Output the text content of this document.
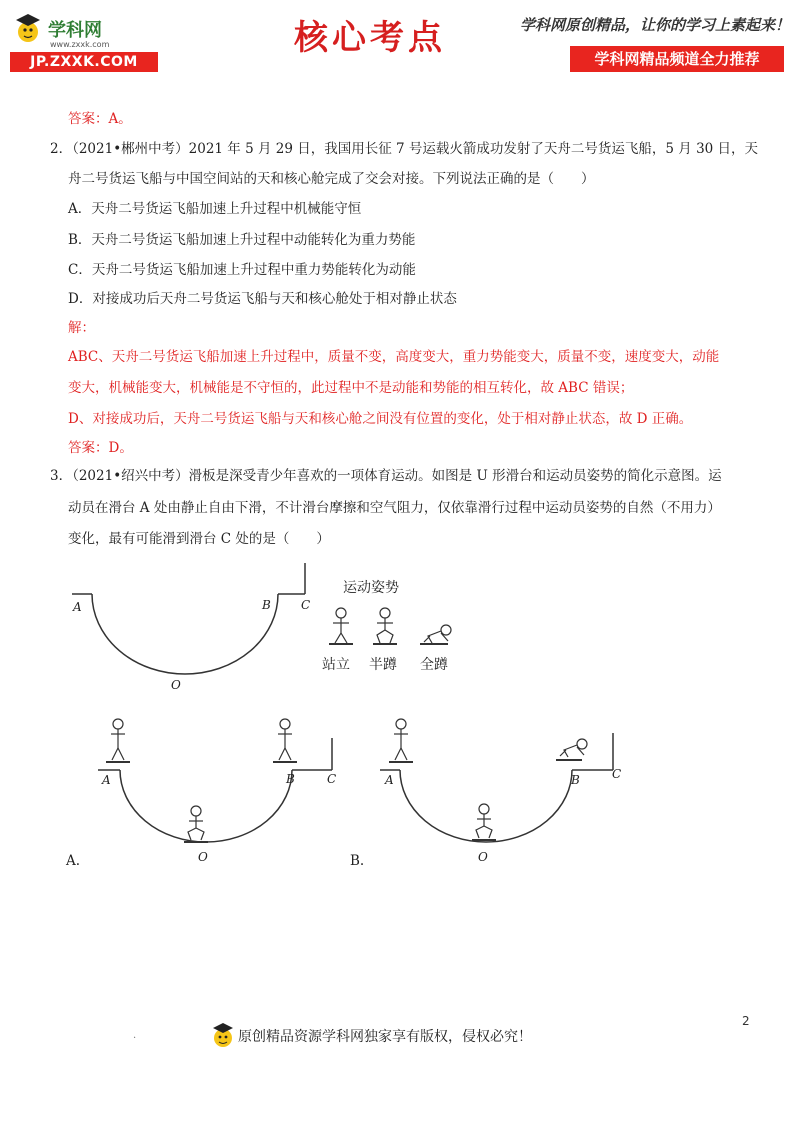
学科网
www.zxxk.com
JP.ZXXK.COM
核心考点	学科网原创精品，让你的学习上素起来！
学科网精品频道全力推荐
答案：A。
2．（2021•郴州中考）2021 年 5 月 29 日，我国用长征 7 号运载火箭成功发射了天舟二号货运飞船，5 月 30 日，天
舟二号货运飞船与中国空间站的天和核心舱完成了交会对接。下列说法正确的是（　　）
A．天舟二号货运飞船加速上升过程中机械能守恒
B．天舟二号货运飞船加速上升过程中动能转化为重力势能
C．天舟二号货运飞船加速上升过程中重力势能转化为动能
D．对接成功后天舟二号货运飞船与天和核心舱处于相对静止状态
解：
ABC、天舟二号货运飞船加速上升过程中，质量不变，高度变大，重力势能变大，质量不变，速度变大，动能
变大，机械能变大，机械能是不守恒的，此过程中不是动能和势能的相互转化，故 ABC 错误；
D、对接成功后，天舟二号货运飞船与天和核心舱之间没有位置的变化，处于相对静止状态，故 D 正确。
答案：D。
3．（2021•绍兴中考）滑板是深受青少年喜欢的一项体育运动。如图是 U 形滑台和运动员姿势的简化示意图。运
动员在滑台 A 处由静止自由下滑，不计滑台摩擦和空气阻力，仅依靠滑行过程中运动员姿势的自然（不用力）
变化，最有可能滑到滑台 C 处的是（　　）
A	B	C
O
运动姿势
站立 半蹲 全蹲
A	B	C
O
A.
A	B	C
O
B.
2
.	原创精品资源学科网独家享有版权，侵权必究！
